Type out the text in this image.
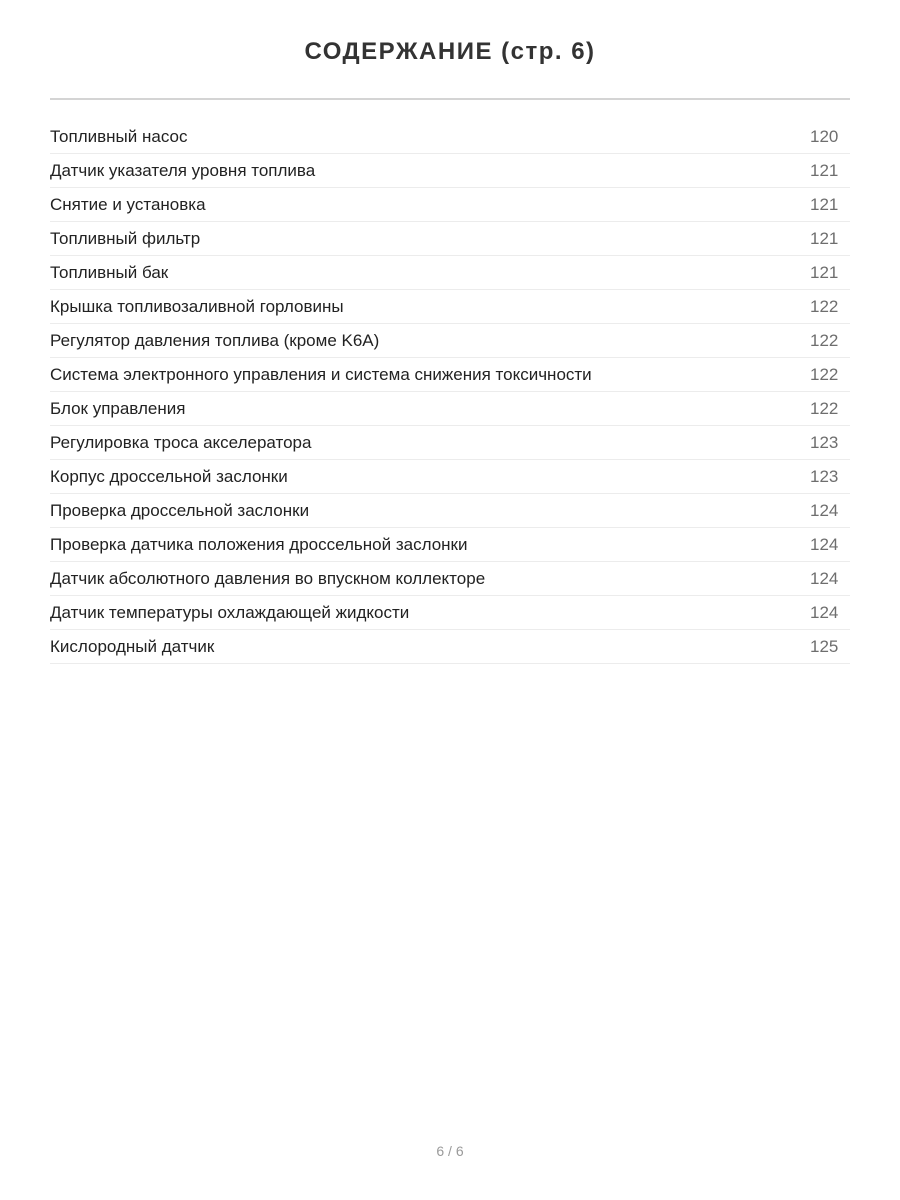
СОДЕРЖАНИЕ (стр. 6)
Топливный насос	120
Датчик указателя уровня топлива	121
Снятие и установка	121
Топливный фильтр	121
Топливный бак	121
Крышка топливозаливной горловины	122
Регулятор давления топлива (кроме K6A)	122
Система электронного управления и система снижения токсичности	122
Блок управления	122
Регулировка троса акселератора	123
Корпус дроссельной заслонки	123
Проверка дроссельной заслонки	124
Проверка датчика положения дроссельной заслонки	124
Датчик абсолютного давления во впускном коллекторе	124
Датчик температуры охлаждающей жидкости	124
Кислородный датчик	125
6 / 6
